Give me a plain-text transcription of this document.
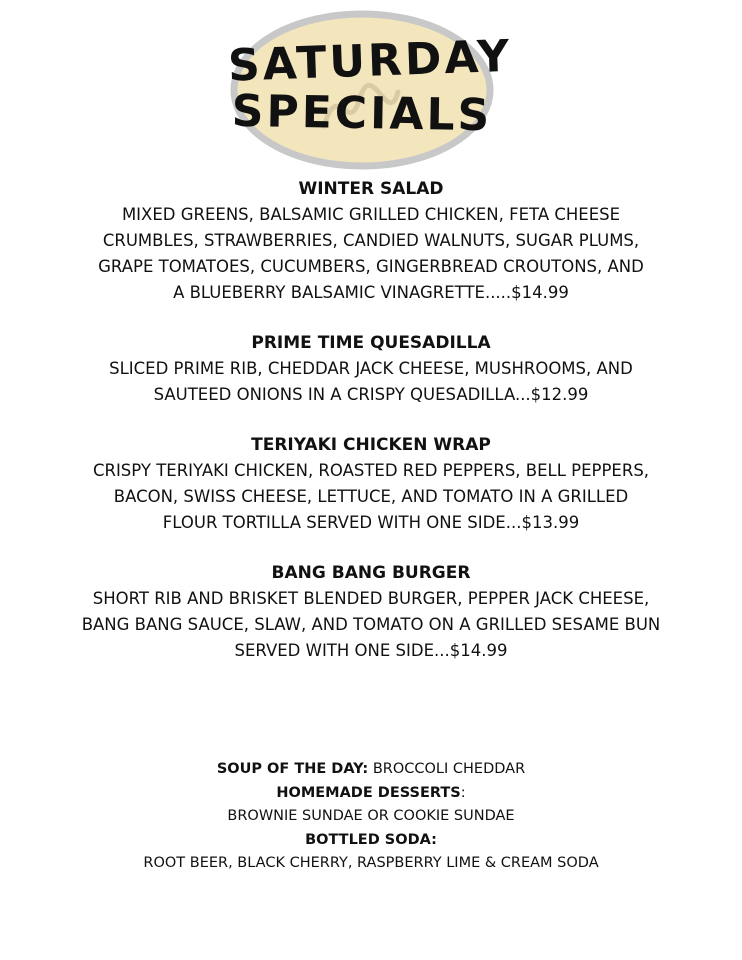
SATURDAY
SPECIALS
WINTER SALAD
MIXED GREENS, BALSAMIC GRILLED CHICKEN, FETA CHEESE
CRUMBLES, STRAWBERRIES, CANDIED WALNUTS, SUGAR PLUMS,
GRAPE TOMATOES, CUCUMBERS, GINGERBREAD CROUTONS, AND
A BLUEBERRY BALSAMIC VINAGRETTE.....$14.99
PRIME TIME QUESADILLA
SLICED PRIME RIB, CHEDDAR JACK CHEESE, MUSHROOMS, AND
SAUTEED ONIONS IN A CRISPY QUESADILLA...$12.99
TERIYAKI CHICKEN WRAP
CRISPY TERIYAKI CHICKEN, ROASTED RED PEPPERS, BELL PEPPERS,
BACON, SWISS CHEESE, LETTUCE, AND TOMATO IN A GRILLED
FLOUR TORTILLA SERVED WITH ONE SIDE...$13.99
BANG BANG BURGER
SHORT RIB AND BRISKET BLENDED BURGER, PEPPER JACK CHEESE,
BANG BANG SAUCE, SLAW, AND TOMATO ON A GRILLED SESAME BUN
SERVED WITH ONE SIDE...$14.99
SOUP OF THE DAY: BROCCOLI CHEDDAR
HOMEMADE DESSERTS:
BROWNIE SUNDAE OR COOKIE SUNDAE
BOTTLED SODA:
ROOT BEER, BLACK CHERRY, RASPBERRY LIME & CREAM SODA
